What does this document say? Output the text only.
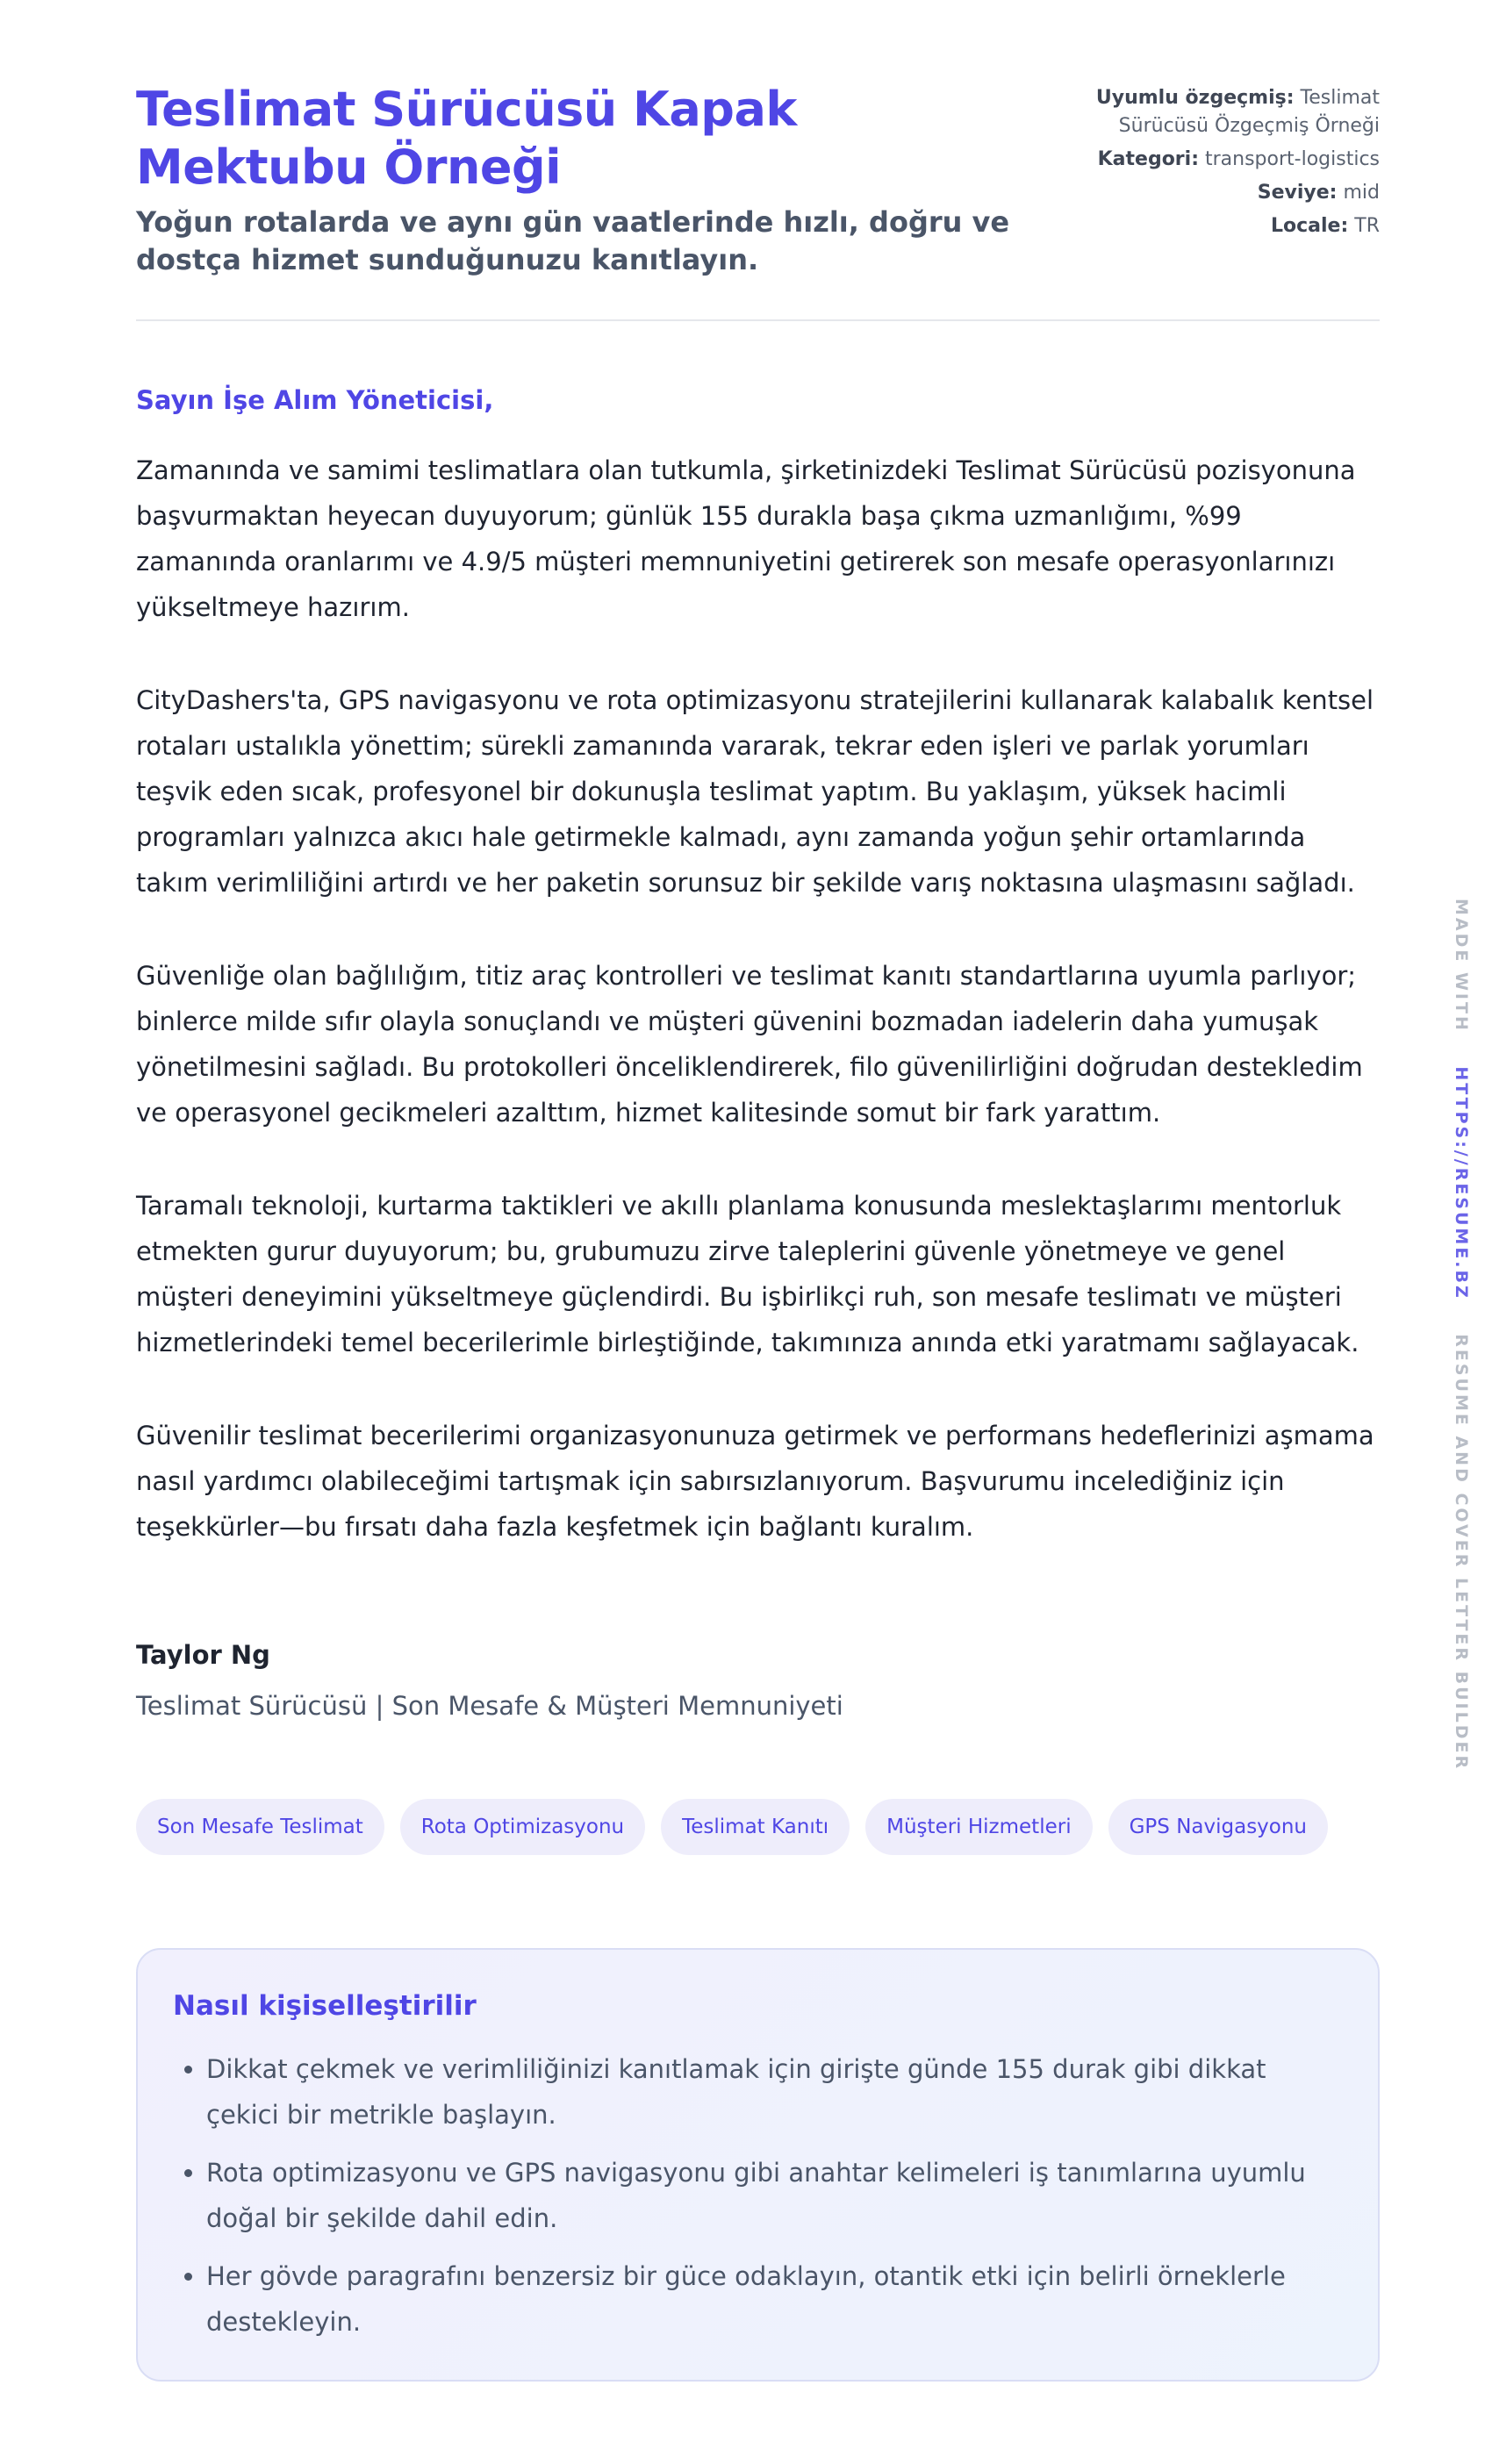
Teslimat Sürücüsü Kapak Mektubu Örneği

Yoğun rotalarda ve aynı gün vaatlerinde hızlı, doğru ve dostça hizmet sunduğunuzu kanıtlayın.

Uyumlu özgeçmiş: Teslimat Sürücüsü Özgeçmiş Örneği
Kategori: transport-logistics
Seviye: mid
Locale: TR
Sayın İşe Alım Yöneticisi,

Zamanında ve samimi teslimatlara olan tutkumla, şirketinizdeki Teslimat Sürücüsü pozisyonuna başvurmaktan heyecan duyuyorum; günlük 155 durakla başa çıkma uzmanlığımı, %99 zamanında oranlarımı ve 4.9/5 müşteri memnuniyetini getirerek son mesafe operasyonlarınızı yükseltmeye hazırım.

CityDashers'ta, GPS navigasyonu ve rota optimizasyonu stratejilerini kullanarak kalabalık kentsel rotaları ustalıkla yönettim; sürekli zamanında vararak, tekrar eden işleri ve parlak yorumları teşvik eden sıcak, profesyonel bir dokunuşla teslimat yaptım. Bu yaklaşım, yüksek hacimli programları yalnızca akıcı hale getirmekle kalmadı, aynı zamanda yoğun şehir ortamlarında takım verimliliğini artırdı ve her paketin sorunsuz bir şekilde varış noktasına ulaşmasını sağladı.

Güvenliğe olan bağlılığım, titiz araç kontrolleri ve teslimat kanıtı standartlarına uyumla parlıyor; binlerce milde sıfır olayla sonuçlandı ve müşteri güvenini bozmadan iadelerin daha yumuşak yönetilmesini sağladı. Bu protokolleri önceliklendirerek, filo güvenilirliğini doğrudan destekledim ve operasyonel gecikmeleri azalttım, hizmet kalitesinde somut bir fark yarattım.

Taramalı teknoloji, kurtarma taktikleri ve akıllı planlama konusunda meslektaşlarımı mentorluk etmekten gurur duyuyorum; bu, grubumuzu zirve taleplerini güvenle yönetmeye ve genel müşteri deneyimini yükseltmeye güçlendirdi. Bu işbirlikçi ruh, son mesafe teslimatı ve müşteri hizmetlerindeki temel becerilerimle birleştiğinde, takımınıza anında etki yaratmamı sağlayacak.

Güvenilir teslimat becerilerimi organizasyonunuza getirmek ve performans hedeflerinizi aşmama nasıl yardımcı olabileceğimi tartışmak için sabırsızlanıyorum. Başvurumu incelediğiniz için teşekkürler—bu fırsatı daha fazla keşfetmek için bağlantı kuralım.

Taylor Ng
Teslimat Sürücüsü | Son Mesafe & Müşteri Memnuniyeti
Son Mesafe Teslimat	Rota Optimizasyonu	Teslimat Kanıtı	Müşteri Hizmetleri	GPS Navigasyonu
Nasıl kişiselleştirilir
• Dikkat çekmek ve verimliliğinizi kanıtlamak için girişte günde 155 durak gibi dikkat çekici bir metrikle başlayın.
• Rota optimizasyonu ve GPS navigasyonu gibi anahtar kelimeleri iş tanımlarına uyumlu doğal bir şekilde dahil edin.
• Her gövde paragrafını benzersiz bir güce odaklayın, otantik etki için belirli örneklerle destekleyin.
MADE WITH    HTTPS://RESUME.BZ    RESUME AND COVER LETTER BUILDER
